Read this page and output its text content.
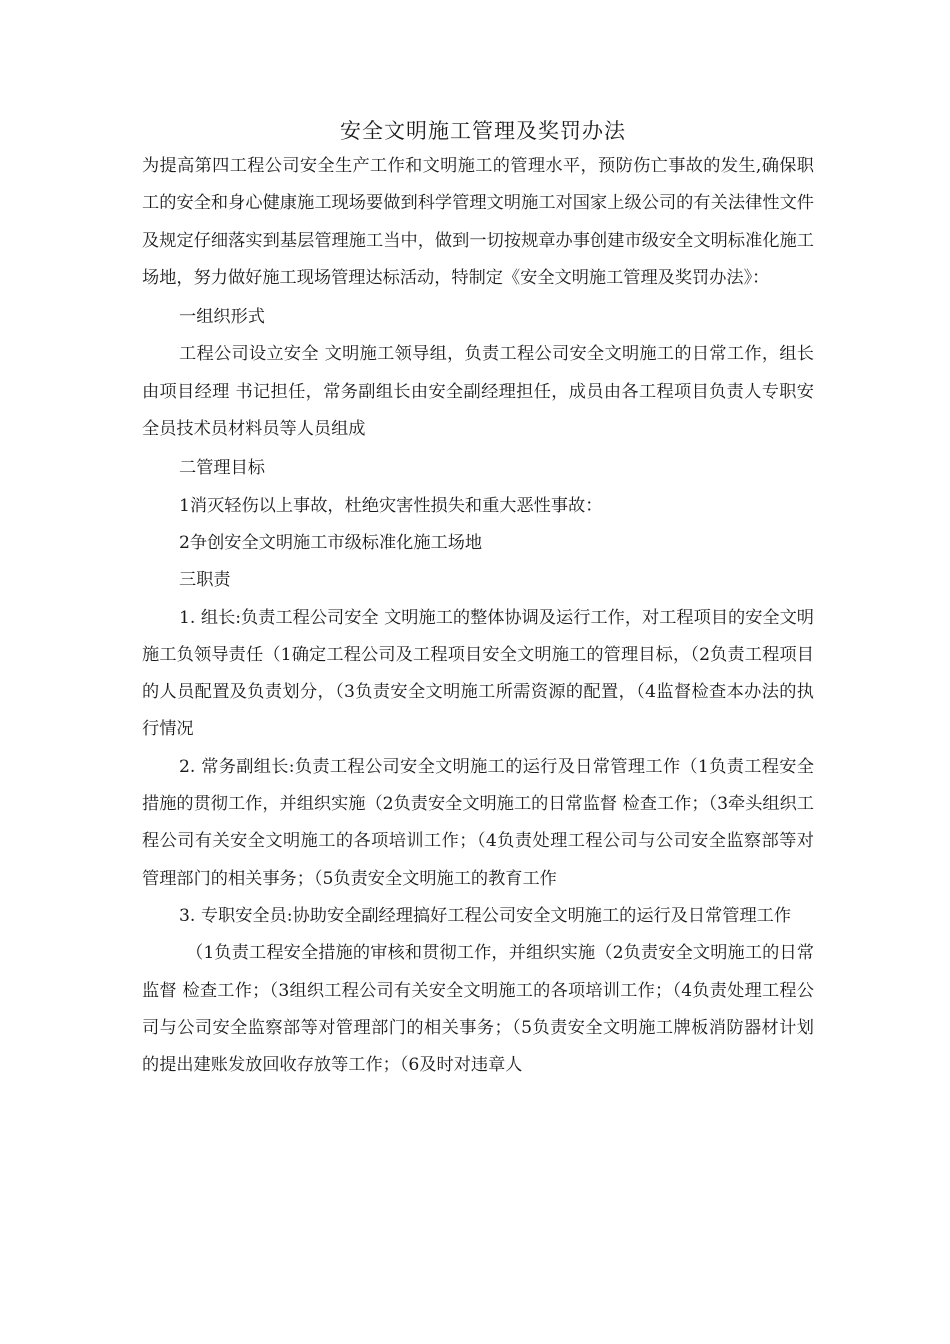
安全文明施工管理及奖罚办法

为提高第四工程公司安全生产工作和文明施工的管理水平，预防伤亡事故的发生,确保职工的安全和身心健康施工现场要做到科学管理文明施工对国家上级公司的有关法律性文件及规定仔细落实到基层管理施工当中，做到一切按规章办事创建市级安全文明标准化施工场地，努力做好施工现场管理达标活动，特制定《安全文明施工管理及奖罚办法》：

一组织形式

工程公司设立安全 文明施工领导组，负责工程公司安全文明施工的日常工作，组长由项目经理 书记担任，常务副组长由安全副经理担任，成员由各工程项目负责人专职安全员技术员材料员等人员组成

二管理目标

1消灭轻伤以上事故，杜绝灾害性损失和重大恶性事故：

2争创安全文明施工市级标准化施工场地

三职责

1. 组长:负责工程公司安全 文明施工的整体协调及运行工作，对工程项目的安全文明施工负领导责任（1确定工程公司及工程项目安全文明施工的管理目标，（2负责工程项目的人员配置及负责划分，（3负责安全文明施工所需资源的配置，（4监督检查本办法的执行情况

2. 常务副组长:负责工程公司安全文明施工的运行及日常管理工作（1负责工程安全措施的贯彻工作，并组织实施（2负责安全文明施工的日常监督 检查工作；（3牵头组织工程公司有关安全文明施工的各项培训工作；（4负责处理工程公司与公司安全监察部等对管理部门的相关事务；（5负责安全文明施工的教育工作

3. 专职安全员:协助安全副经理搞好工程公司安全文明施工的运行及日常管理工作

（1负责工程安全措施的审核和贯彻工作，并组织实施（2负责安全文明施工的日常监督 检查工作；（3组织工程公司有关安全文明施工的各项培训工作；（4负责处理工程公司与公司安全监察部等对管理部门的相关事务；（5负责安全文明施工牌板消防器材计划的提出建账发放回收存放等工作；（6及时对违章人
